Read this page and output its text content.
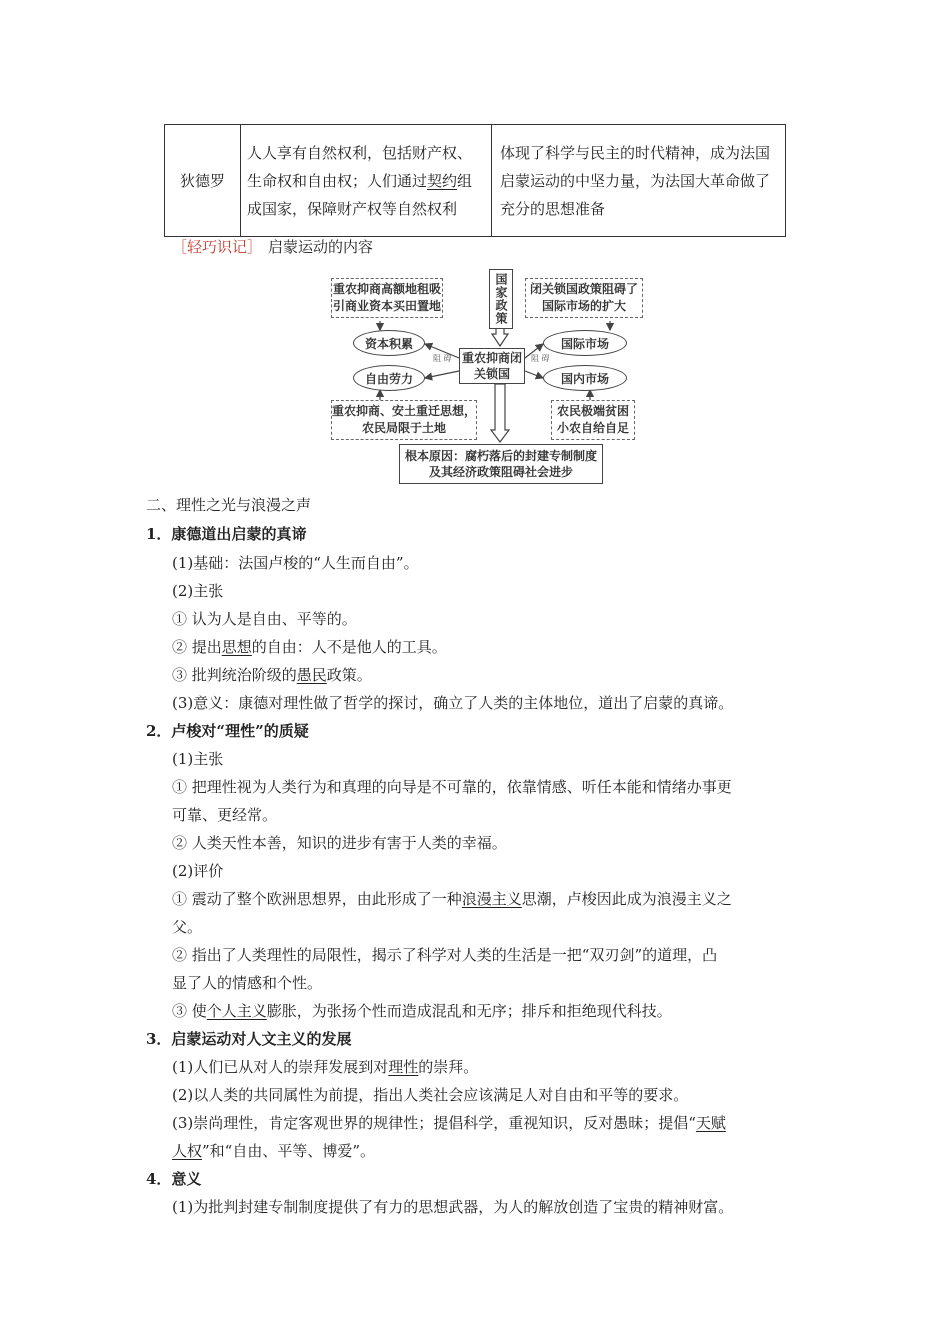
狄德罗
人人享有自然权利，包括财产权、生命权和自由权；人们通过契约组成国家，保障财产权等自然权利
体现了科学与民主的时代精神，成为法国启蒙运动的中坚力量，为法国大革命做了充分的思想准备
［轻巧识记］ 启蒙运动的内容
重农抑商高额地租吸引商业资本买田置地	国家政策	闭关锁国政策阻碍了国际市场的扩大
资本积累
自由劳力
阻 碍 重农抑商闭关锁国
阻 碍
国际市场
国内市场
重农抑商、安土重迁思想，农民局限于土地
农民极端贫困小农自给自足
根本原因：腐朽落后的封建专制制度及其经济政策阻碍社会进步
二、理性之光与浪漫之声
1．康德道出启蒙的真谛
(1)基础：法国卢梭的“人生而自由”。
(2)主张
① 认为人是自由、平等的。
② 提出思想的自由：人不是他人的工具。
③ 批判统治阶级的愚民政策。
(3)意义：康德对理性做了哲学的探讨，确立了人类的主体地位，道出了启蒙的真谛。
2．卢梭对“理性”的质疑
(1)主张
① 把理性视为人类行为和真理的向导是不可靠的，依靠情感、听任本能和情绪办事更
可靠、更经常。
② 人类天性本善，知识的进步有害于人类的幸福。
(2)评价
① 震动了整个欧洲思想界，由此形成了一种浪漫主义思潮，卢梭因此成为浪漫主义之
父。
② 指出了人类理性的局限性，揭示了科学对人类的生活是一把“双刃剑”的道理，凸
显了人的情感和个性。
③ 使个人主义膨胀，为张扬个性而造成混乱和无序；排斥和拒绝现代科技。
3．启蒙运动对人文主义的发展
(1)人们已从对人的崇拜发展到对理性的崇拜。
(2)以人类的共同属性为前提，指出人类社会应该满足人对自由和平等的要求。
(3)崇尚理性，肯定客观世界的规律性；提倡科学，重视知识，反对愚昧；提倡“天赋
人权”和“自由、平等、博爱”。
4．意义
(1)为批判封建专制制度提供了有力的思想武器，为人的解放创造了宝贵的精神财富。
